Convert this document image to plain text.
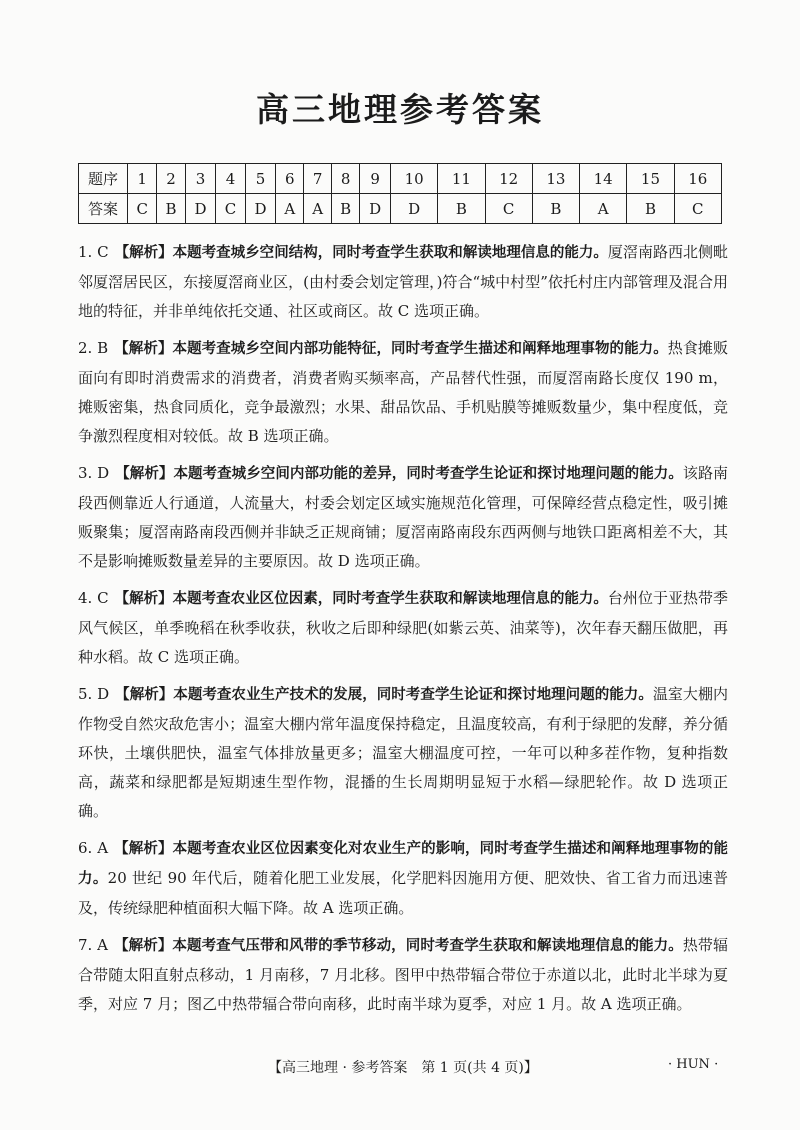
高三地理参考答案
题序	1	2	3	4	5	6	7	8	9	10	11	12	13	14	15	16
答案	C	B	D	C	D	A	A	B	D	D	B	C	B	A	B	C
1. C 【解析】本题考查城乡空间结构，同时考查学生获取和解读地理信息的能力。厦滘南路西北侧毗邻厦滘居民区，东接厦滘商业区，(由村委会划定管理，)符合“城中村型”依托村庄内部管理及混合用地的特征，并非单纯依托交通、社区或商区。故 C 选项正确。
2. B 【解析】本题考查城乡空间内部功能特征，同时考查学生描述和阐释地理事物的能力。热食摊贩面向有即时消费需求的消费者，消费者购买频率高，产品替代性强，而厦滘南路长度仅 190 m，摊贩密集，热食同质化，竞争最激烈；水果、甜品饮品、手机贴膜等摊贩数量少，集中程度低，竞争激烈程度相对较低。故 B 选项正确。
3. D 【解析】本题考查城乡空间内部功能的差异，同时考查学生论证和探讨地理问题的能力。该路南段西侧靠近人行通道，人流量大，村委会划定区域实施规范化管理，可保障经营点稳定性，吸引摊贩聚集；厦滘南路南段西侧并非缺乏正规商铺；厦滘南路南段东西两侧与地铁口距离相差不大，其不是影响摊贩数量差异的主要原因。故 D 选项正确。
4. C 【解析】本题考查农业区位因素，同时考查学生获取和解读地理信息的能力。台州位于亚热带季风气候区，单季晚稻在秋季收获，秋收之后即种绿肥(如紫云英、油菜等)，次年春天翻压做肥，再种水稻。故 C 选项正确。
5. D 【解析】本题考查农业生产技术的发展，同时考查学生论证和探讨地理问题的能力。温室大棚内作物受自然灾敌危害小；温室大棚内常年温度保持稳定，且温度较高，有利于绿肥的发酵，养分循环快，土壤供肥快，温室气体排放量更多；温室大棚温度可控，一年可以种多茬作物，复种指数高，蔬菜和绿肥都是短期速生型作物，混播的生长周期明显短于水稻—绿肥轮作。故 D 选项正确。
6. A 【解析】本题考查农业区位因素变化对农业生产的影响，同时考查学生描述和阐释地理事物的能力。20 世纪 90 年代后，随着化肥工业发展，化学肥料因施用方便、肥效快、省工省力而迅速普及，传统绿肥种植面积大幅下降。故 A 选项正确。
7. A 【解析】本题考查气压带和风带的季节移动，同时考查学生获取和解读地理信息的能力。热带辐合带随太阳直射点移动，1 月南移，7 月北移。图甲中热带辐合带位于赤道以北，此时北半球为夏季，对应 7 月；图乙中热带辐合带向南移，此时南半球为夏季，对应 1 月。故 A 选项正确。
【高三地理 · 参考答案　第 1 页(共 4 页)】	· HUN ·
